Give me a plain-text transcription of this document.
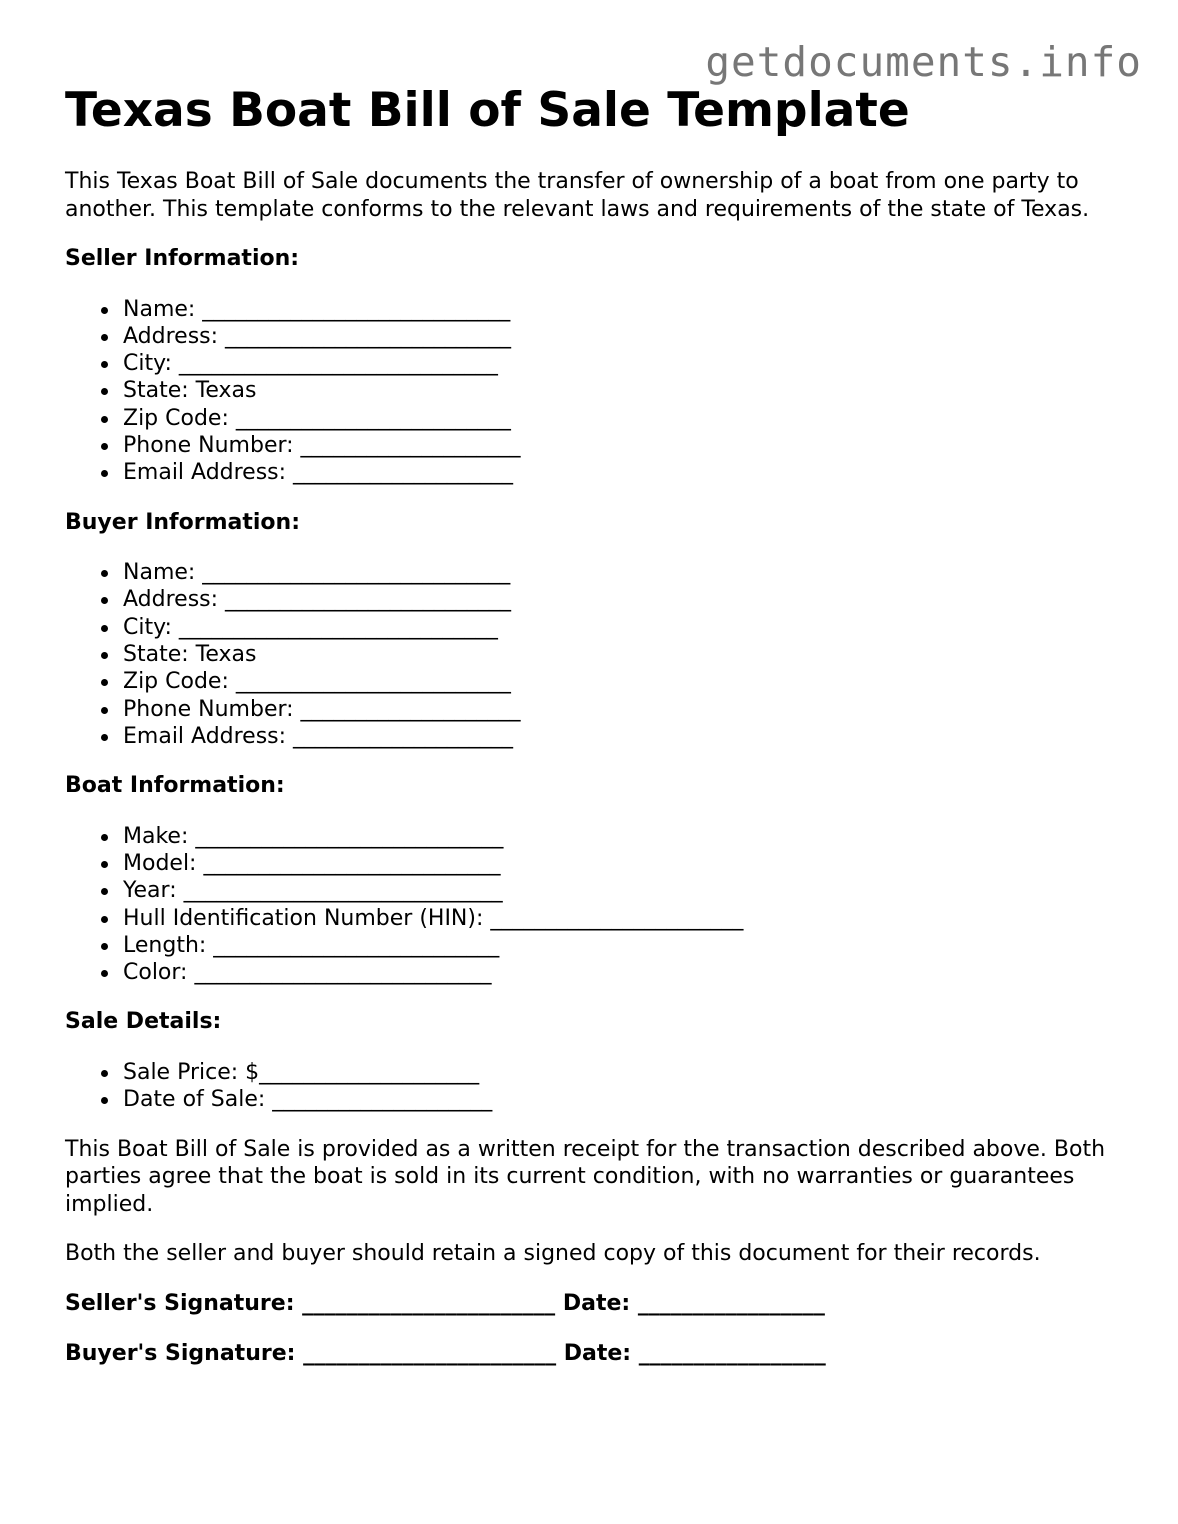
getdocuments.info
Texas Boat Bill of Sale Template

This Texas Boat Bill of Sale documents the transfer of ownership of a boat from one party to another. This template conforms to the relevant laws and requirements of the state of Texas.

Seller Information:
Name: ____________________________
Address: __________________________
City: _____________________________
State: Texas
Zip Code: _________________________
Phone Number: ____________________
Email Address: ____________________
Buyer Information:
Name: ____________________________
Address: __________________________
City: _____________________________
State: Texas
Zip Code: _________________________
Phone Number: ____________________
Email Address: ____________________
Boat Information:
Make: ____________________________
Model: ___________________________
Year: _____________________________
Hull Identification Number (HIN): _______________________
Length: __________________________
Color: ___________________________
Sale Details:
Sale Price: $____________________
Date of Sale: ____________________

This Boat Bill of Sale is provided as a written receipt for the transaction described above. Both parties agree that the boat is sold in its current condition, with no warranties or guarantees implied.

Both the seller and buyer should retain a signed copy of this document for their records.

Seller's Signature: _______________________ Date: _________________
Buyer's Signature: _______________________ Date: _________________
